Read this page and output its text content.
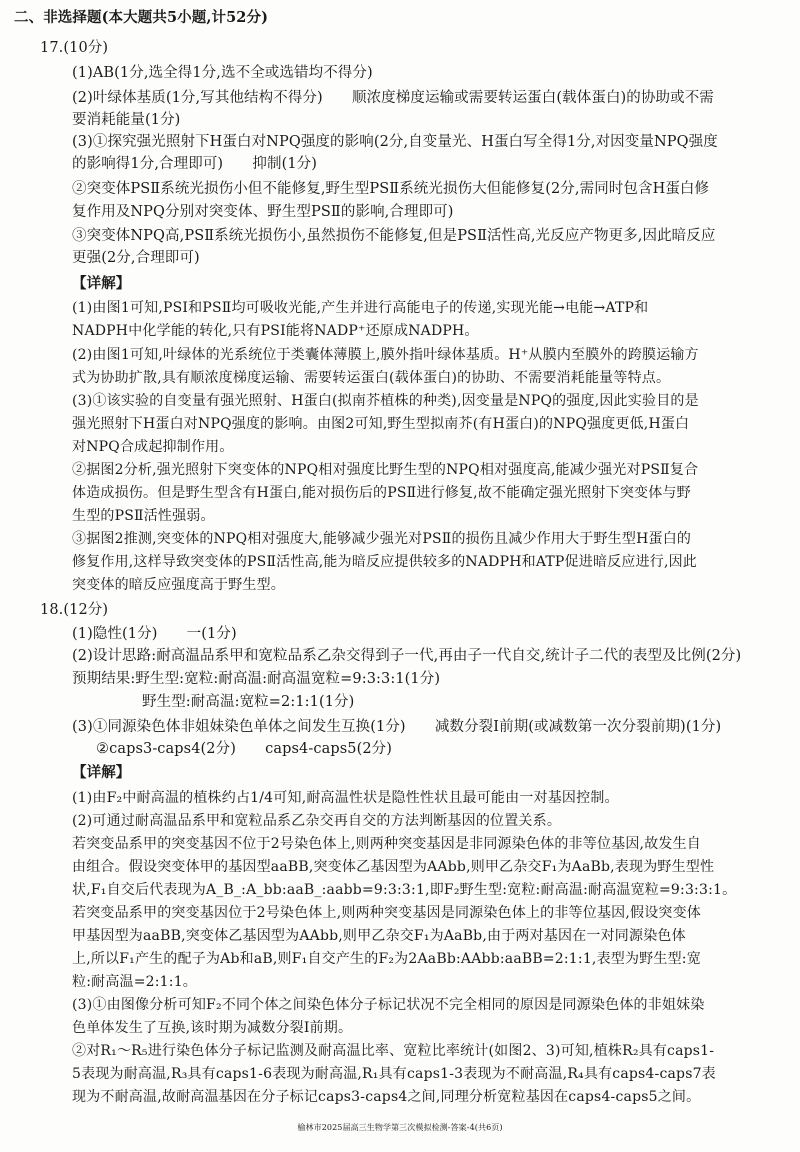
二、非选择题(本大题共5小题,计52分)
17.(10分)
(1)AB(1分,选全得1分,选不全或选错均不得分)
(2)叶绿体基质(1分,写其他结构不得分)　　顺浓度梯度运输或需要转运蛋白(载体蛋白)的协助或不需
要消耗能量(1分)
(3)①探究强光照射下H蛋白对NPQ强度的影响(2分,自变量光、H蛋白写全得1分,对因变量NPQ强度
的影响得1分,合理即可)　　抑制(1分)
②突变体PSⅡ系统光损伤小但不能修复,野生型PSⅡ系统光损伤大但能修复(2分,需同时包含H蛋白修
复作用及NPQ分别对突变体、野生型PSⅡ的影响,合理即可)
③突变体NPQ高,PSⅡ系统光损伤小,虽然损伤不能修复,但是PSⅡ活性高,光反应产物更多,因此暗反应
更强(2分,合理即可)
【详解】
(1)由图1可知,PSⅠ和PSⅡ均可吸收光能,产生并进行高能电子的传递,实现光能→电能→ATP和
NADPH中化学能的转化,只有PSⅠ能将NADP⁺还原成NADPH。
(2)由图1可知,叶绿体的光系统位于类囊体薄膜上,膜外指叶绿体基质。H⁺从膜内至膜外的跨膜运输方
式为协助扩散,具有顺浓度梯度运输、需要转运蛋白(载体蛋白)的协助、不需要消耗能量等特点。
(3)①该实验的自变量有强光照射、H蛋白(拟南芥植株的种类),因变量是NPQ的强度,因此实验目的是
强光照射下H蛋白对NPQ强度的影响。由图2可知,野生型拟南芥(有H蛋白)的NPQ强度更低,H蛋白
对NPQ合成起抑制作用。
②据图2分析,强光照射下突变体的NPQ相对强度比野生型的NPQ相对强度高,能减少强光对PSⅡ复合
体造成损伤。但是野生型含有H蛋白,能对损伤后的PSⅡ进行修复,故不能确定强光照射下突变体与野
生型的PSⅡ活性强弱。
③据图2推测,突变体的NPQ相对强度大,能够减少强光对PSⅡ的损伤且减少作用大于野生型H蛋白的
修复作用,这样导致突变体的PSⅡ活性高,能为暗反应提供较多的NADPH和ATP促进暗反应进行,因此
突变体的暗反应强度高于野生型。
18.(12分)
(1)隐性(1分)　　一(1分)
(2)设计思路:耐高温品系甲和宽粒品系乙杂交得到子一代,再由子一代自交,统计子二代的表型及比例(2分)
预期结果:野生型:宽粒:耐高温:耐高温宽粒=9:3:3:1(1分)
野生型:耐高温:宽粒=2:1:1(1分)
(3)①同源染色体非姐妹染色单体之间发生互换(1分)　　减数分裂Ⅰ前期(或减数第一次分裂前期)(1分)
②caps3-caps4(2分)　　caps4-caps5(2分)
【详解】
(1)由F₂中耐高温的植株约占1/4可知,耐高温性状是隐性性状且最可能由一对基因控制。
(2)可通过耐高温品系甲和宽粒品系乙杂交再自交的方法判断基因的位置关系。
若突变品系甲的突变基因不位于2号染色体上,则两种突变基因是非同源染色体的非等位基因,故发生自
由组合。假设突变体甲的基因型aaBB,突变体乙基因型为AAbb,则甲乙杂交F₁为AaBb,表现为野生型性
状,F₁自交后代表现为A_B_:A_bb:aaB_:aabb=9:3:3:1,即F₂野生型:宽粒:耐高温:耐高温宽粒=9:3:3:1。
若突变品系甲的突变基因位于2号染色体上,则两种突变基因是同源染色体上的非等位基因,假设突变体
甲基因型为aaBB,突变体乙基因型为AAbb,则甲乙杂交F₁为AaBb,由于两对基因在一对同源染色体
上,所以F₁产生的配子为Ab和aB,则F₁自交产生的F₂为2AaBb:AAbb:aaBB=2:1:1,表型为野生型:宽
粒:耐高温=2:1:1。
(3)①由图像分析可知F₂不同个体之间染色体分子标记状况不完全相同的原因是同源染色体的非姐妹染
色单体发生了互换,该时期为减数分裂Ⅰ前期。
②对R₁～R₅进行染色体分子标记监测及耐高温比率、宽粒比率统计(如图2、3)可知,植株R₂具有caps1-
5表现为耐高温,R₃具有caps1-6表现为耐高温,R₁具有caps1-3表现为不耐高温,R₄具有caps4-caps7表
现为不耐高温,故耐高温基因在分子标记caps3-caps4之间,同理分析宽粒基因在caps4-caps5之间。
榆林市2025届高三生物学第三次模拟检测-答案-4(共6页)
